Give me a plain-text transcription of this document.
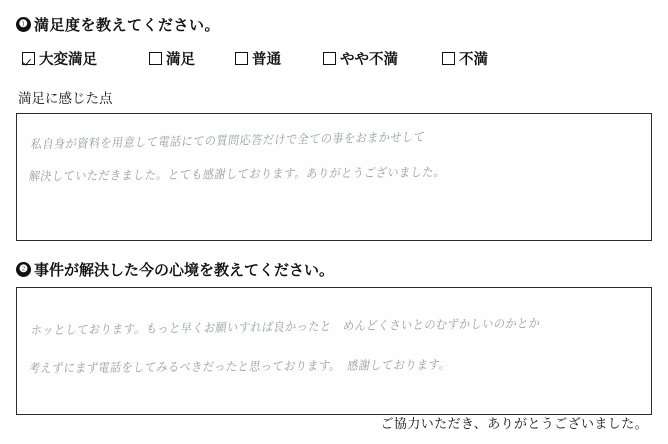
❶ 満足度を教えてください。
大変満足	満足	普通	やや不満	不満
満足に感じた点
私自身が資料を用意して電話にての質問応答だけで全ての事をおまかせして
解決していただきました。とても感謝しております。ありがとうございました。
❷ 事件が解決した今の心境を教えてください。
ホッとしております。もっと早くお願いすれば良かったと　めんどくさいとのむずかしいのかとか
考えずにまず電話をしてみるべきだったと思っております。　感謝しております。
ご協力いただき、ありがとうございました。
